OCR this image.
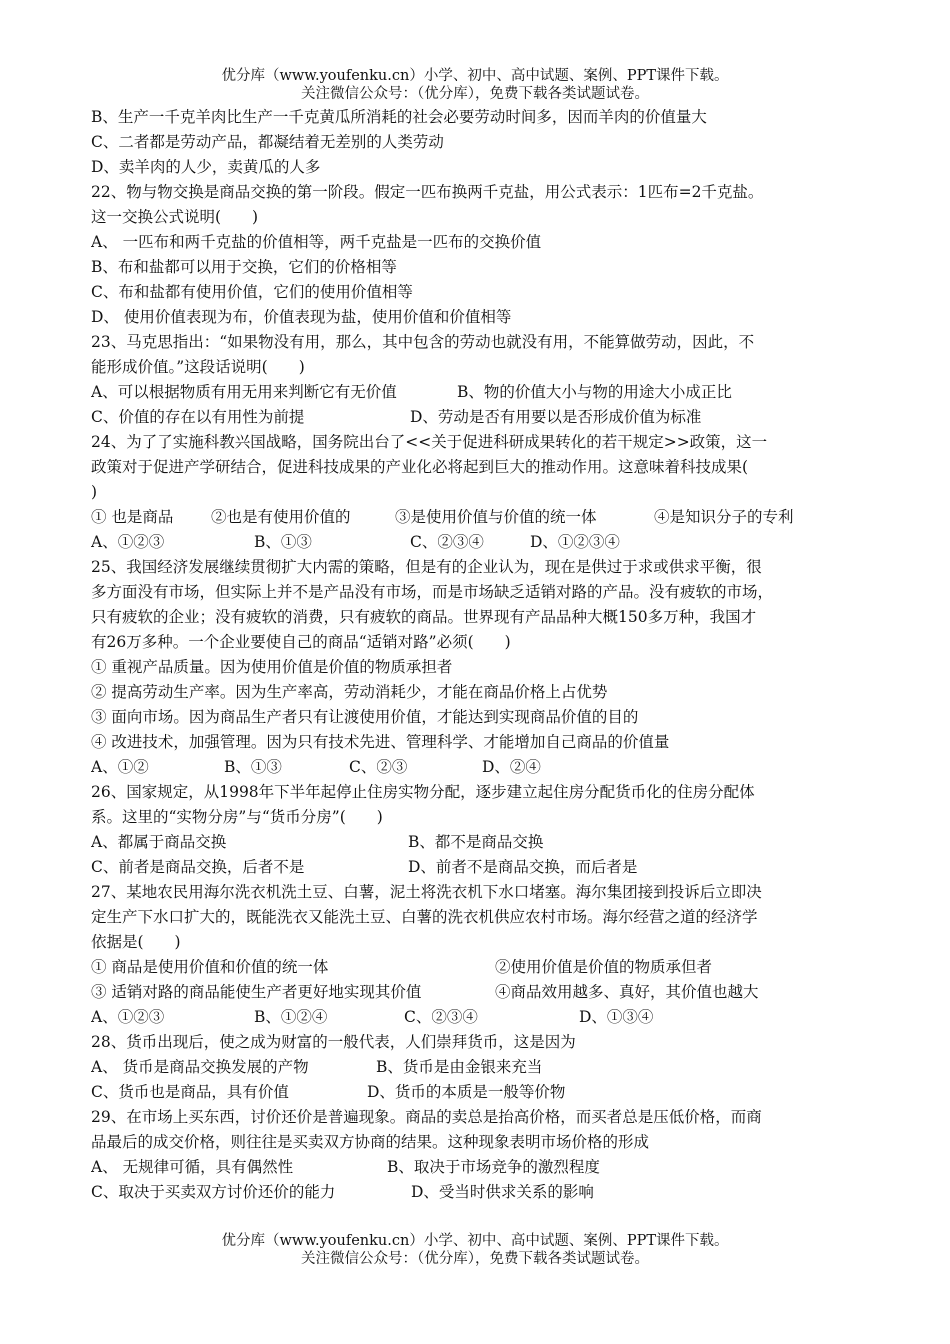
优分库（www.youfenku.cn）小学、初中、高中试题、案例、PPT课件下载。
关注微信公众号：（优分库），免费下载各类试题试卷。
B、生产一千克羊肉比生产一千克黄瓜所消耗的社会必要劳动时间多，因而羊肉的价值量大
C、二者都是劳动产品，都凝结着无差别的人类劳动
D、卖羊肉的人少，卖黄瓜的人多
22、物与物交换是商品交换的第一阶段。假定一匹布换两千克盐，用公式表示：1匹布=2千克盐。
这一交换公式说明(　　)
A、 一匹布和两千克盐的价值相等，两千克盐是一匹布的交换价值
B、布和盐都可以用于交换，它们的价格相等
C、布和盐都有使用价值，它们的使用价值相等
D、 使用价值表现为布，价值表现为盐，使用价值和价值相等
23、马克思指出：“如果物没有用，那么，其中包含的劳动也就没有用，不能算做劳动，因此，不
能形成价值。”这段话说明(　　)
A、可以根据物质有用无用来判断它有无价值	B、物的价值大小与物的用途大小成正比
C、价值的存在以有用性为前提	D、劳动是否有用要以是否形成价值为标准
24、为了了实施科教兴国战略，国务院出台了<<关于促进科研成果转化的若干规定>>政策，这一
政策对于促进产学研结合，促进科技成果的产业化必将起到巨大的推动作用。这意味着科技成果(
)
① 也是商品 ②也是有使用价值的	③是使用价值与价值的统一体	④是知识分子的专利
A、①②③	B、①③	C、②③④	D、①②③④
25、我国经济发展继续贯彻扩大内需的策略，但是有的企业认为，现在是供过于求或供求平衡，很
多方面没有市场，但实际上并不是产品没有市场，而是市场缺乏适销对路的产品。没有疲软的市场，
只有疲软的企业；没有疲软的消费，只有疲软的商品。世界现有产品品种大概150多万种，我国才
有26万多种。一个企业要使自己的商品“适销对路”必须(　　)
① 重视产品质量。因为使用价值是价值的物质承担者
② 提高劳动生产率。因为生产率高，劳动消耗少，才能在商品价格上占优势
③ 面向市场。因为商品生产者只有让渡使用价值，才能达到实现商品价值的目的
④ 改进技术，加强管理。因为只有技术先进、管理科学、才能增加自己商品的价值量
A、①②	B、①③	C、②③	D、②④
26、国家规定，从1998年下半年起停止住房实物分配，逐步建立起住房分配货币化的住房分配体
系。这里的“实物分房”与“货币分房”(　　)
A、都属于商品交换	B、都不是商品交换
C、前者是商品交换，后者不是	D、前者不是商品交换，而后者是
27、某地农民用海尔洗衣机洗土豆、白薯，泥土将洗衣机下水口堵塞。海尔集团接到投诉后立即决
定生产下水口扩大的，既能洗衣又能洗土豆、白薯的洗衣机供应农村市场。海尔经营之道的经济学
依据是(　　)
① 商品是使用价值和价值的统一体	②使用价值是价值的物质承但者
③ 适销对路的商品能使生产者更好地实现其价值	④商品效用越多、真好，其价值也越大
A、①②③	B、①②④	C、②③④	D、①③④
28、货币出现后，使之成为财富的一般代表，人们崇拜货币，这是因为
A、 货币是商品交换发展的产物	B、货币是由金银来充当
C、货币也是商品，具有价值	D、货币的本质是一般等价物
29、在市场上买东西，讨价还价是普遍现象。商品的卖总是抬高价格，而买者总是压低价格，而商
品最后的成交价格，则往往是买卖双方协商的结果。这种现象表明市场价格的形成
A、 无规律可循，具有偶然性	B、取决于市场竞争的激烈程度
C、取决于买卖双方讨价还价的能力	D、受当时供求关系的影响
优分库（www.youfenku.cn）小学、初中、高中试题、案例、PPT课件下载。
关注微信公众号：（优分库），免费下载各类试题试卷。
